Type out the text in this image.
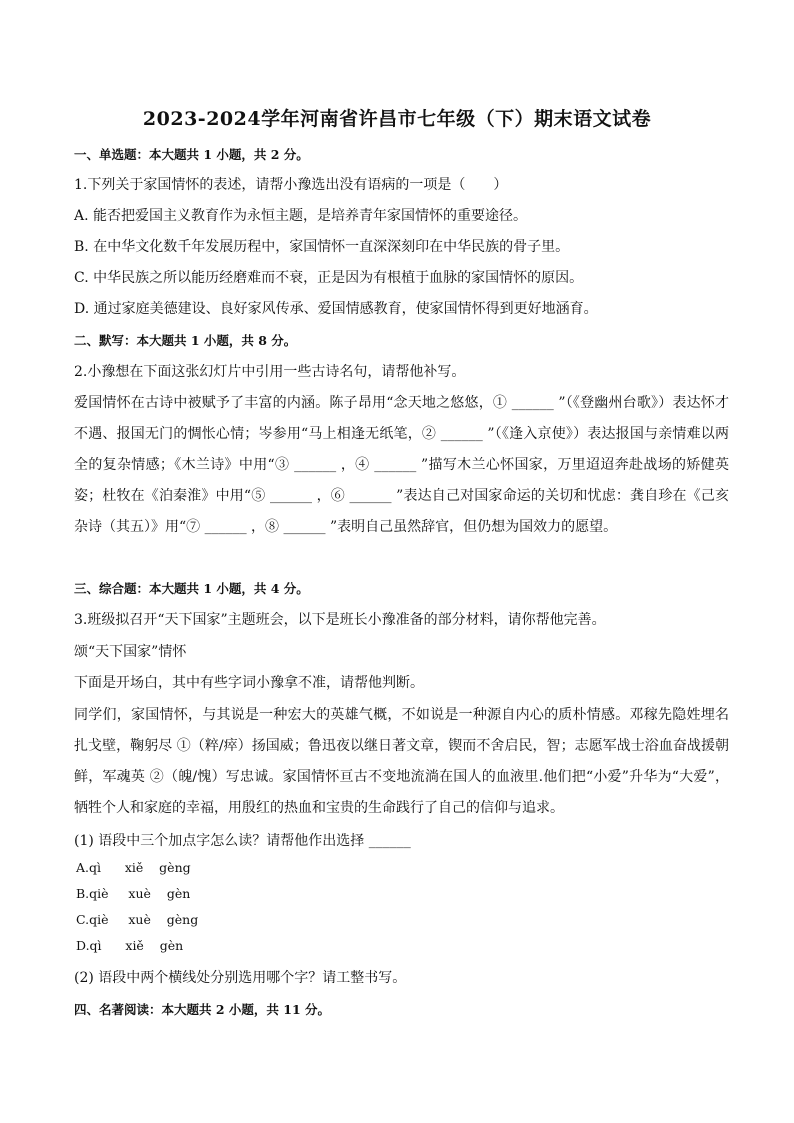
2023-2024学年河南省许昌市七年级（下）期末语文试卷
一、单选题：本大题共 1 小题，共 2 分。
1.下列关于家国情怀的表述，请帮小豫选出没有语病的一项是（　　）
A. 能否把爱国主义教育作为永恒主题，是培养青年家国情怀的重要途径。
B. 在中华文化数千年发展历程中，家国情怀一直深深刻印在中华民族的骨子里。
C. 中华民族之所以能历经磨难而不衰，正是因为有根植于血脉的家国情怀的原因。
D. 通过家庭美德建设、良好家风传承、爱国情感教育，使家国情怀得到更好地涵育。
二、默写：本大题共 1 小题，共 8 分。
2.小豫想在下面这张幻灯片中引用一些古诗名句，请帮他补写。
爱国情怀在古诗中被赋予了丰富的内涵。陈子昂用“念天地之悠悠，① ______ ”（《登幽州台歌》）表达怀才不遇、报国无门的惆怅心情；岑参用“马上相逢无纸笔，② ______ ”（《逢入京使》）表达报国与亲情难以两全的复杂情感；《木兰诗》中用“③ ______ ，④ ______ ”描写木兰心怀国家，万里迢迢奔赴战场的矫健英姿；杜牧在《泊秦淮》中用“⑤ ______ ，⑥ ______ ”表达自己对国家命运的关切和忧虑：龚自珍在《己亥杂诗（其五）》用“⑦ ______ ，⑧ ______ ”表明自己虽然辞官，但仍想为国效力的愿望。
三、综合题：本大题共 1 小题，共 4 分。
3.班级拟召开“天下国家”主题班会，以下是班长小豫准备的部分材料，请你帮他完善。
颂“天下国家”情怀
下面是开场白，其中有些字词小豫拿不准，请帮他判断。
同学们，家国情怀，与其说是一种宏大的英雄气概，不如说是一种源自内心的质朴情感。邓稼先隐姓埋名扎戈壁，鞠躬尽 ①（粹/瘁）扬国威；鲁迅夜以继日著文章，锲而不舍启民，智；志愿军战士浴血奋战援朝鲜，军魂英 ②（魄/愧）写忠诚。家国情怀亘古不变地流淌在国人的血液里.他们把“小爱”升华为“大爱”，牺牲个人和家庭的幸福，用殷红的热血和宝贵的生命践行了自己的信仰与追求。
(1) 语段中三个加点字怎么读？请帮他作出选择 ______
A.qì      xiě    gèng
B.qiè     xuè    gèn
C.qiè     xuè    gèng
D.qì      xiě    gèn
(2) 语段中两个横线处分别选用哪个字？请工整书写。
四、名著阅读：本大题共 2 小题，共 11 分。
